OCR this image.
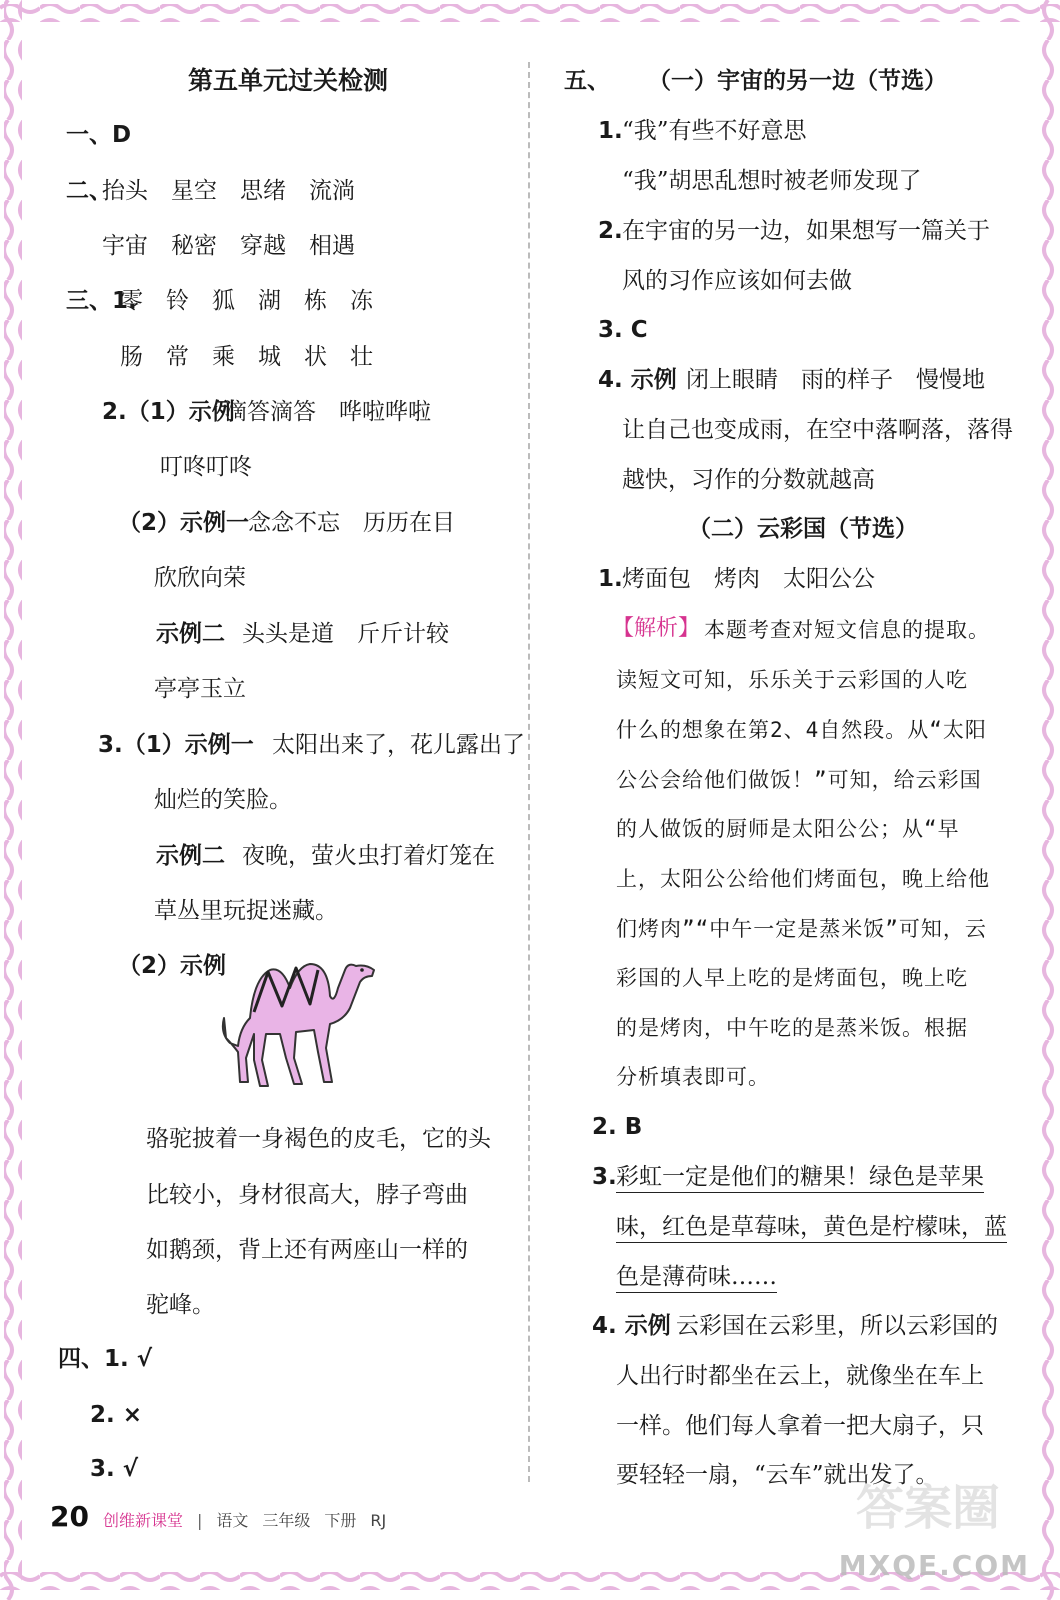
第五单元过关检测
一、D
二、
抬头　星空　思绪　流淌
宇宙　秘密　穿越　相遇
三、1.
零　铃　狐　湖　栋　冻
肠　常　乘　城　状　壮
2.（1）示例
滴答滴答　哗啦哗啦
叮咚叮咚
（2）示例一
念念不忘　历历在目
欣欣向荣
示例二 头头是道　斤斤计较
亭亭玉立
3.（1）示例一 太阳出来了，花儿露出了
灿烂的笑脸。
示例二 夜晚，萤火虫打着灯笼在
草丛里玩捉迷藏。
（2）示例
骆驼披着一身褐色的皮毛，它的头
比较小，身材很高大，脖子弯曲
如鹅颈，背上还有两座山一样的
驼峰。
四、1. √
2. ×
3. √
五、 （一）宇宙的另一边（节选）
1. “我”有些不好意思
“我”胡思乱想时被老师发现了
2. 在宇宙的另一边，如果想写一篇关于
风的习作应该如何去做
3. C
4. 示例 闭上眼睛　雨的样子　慢慢地
让自己也变成雨，在空中落啊落，落得
越快，习作的分数就越高
（二）云彩国（节选）
1. 烤面包　烤肉　太阳公公
【解析】 本题考查对短文信息的提取。
读短文可知，乐乐关于云彩国的人吃
什么的想象在第2、4自然段。从“太阳
公公会给他们做饭！”可知，给云彩国
的人做饭的厨师是太阳公公；从“早
上，太阳公公给他们烤面包，晚上给他
们烤肉”“中午一定是蒸米饭”可知，云
彩国的人早上吃的是烤面包，晚上吃
的是烤肉，中午吃的是蒸米饭。根据
分析填表即可。
2. B
3. 彩虹一定是他们的糖果！绿色是苹果
味，红色是草莓味，黄色是柠檬味，蓝
色是薄荷味……
4. 示例 云彩国在云彩里，所以云彩国的
人出行时都坐在云上，就像坐在车上
一样。他们每人拿着一把大扇子，只
要轻轻一扇，“云车”就出发了。
20 创维新课堂 | 语文 三年级 下册 RJ	答案圈
MXQE.COM
